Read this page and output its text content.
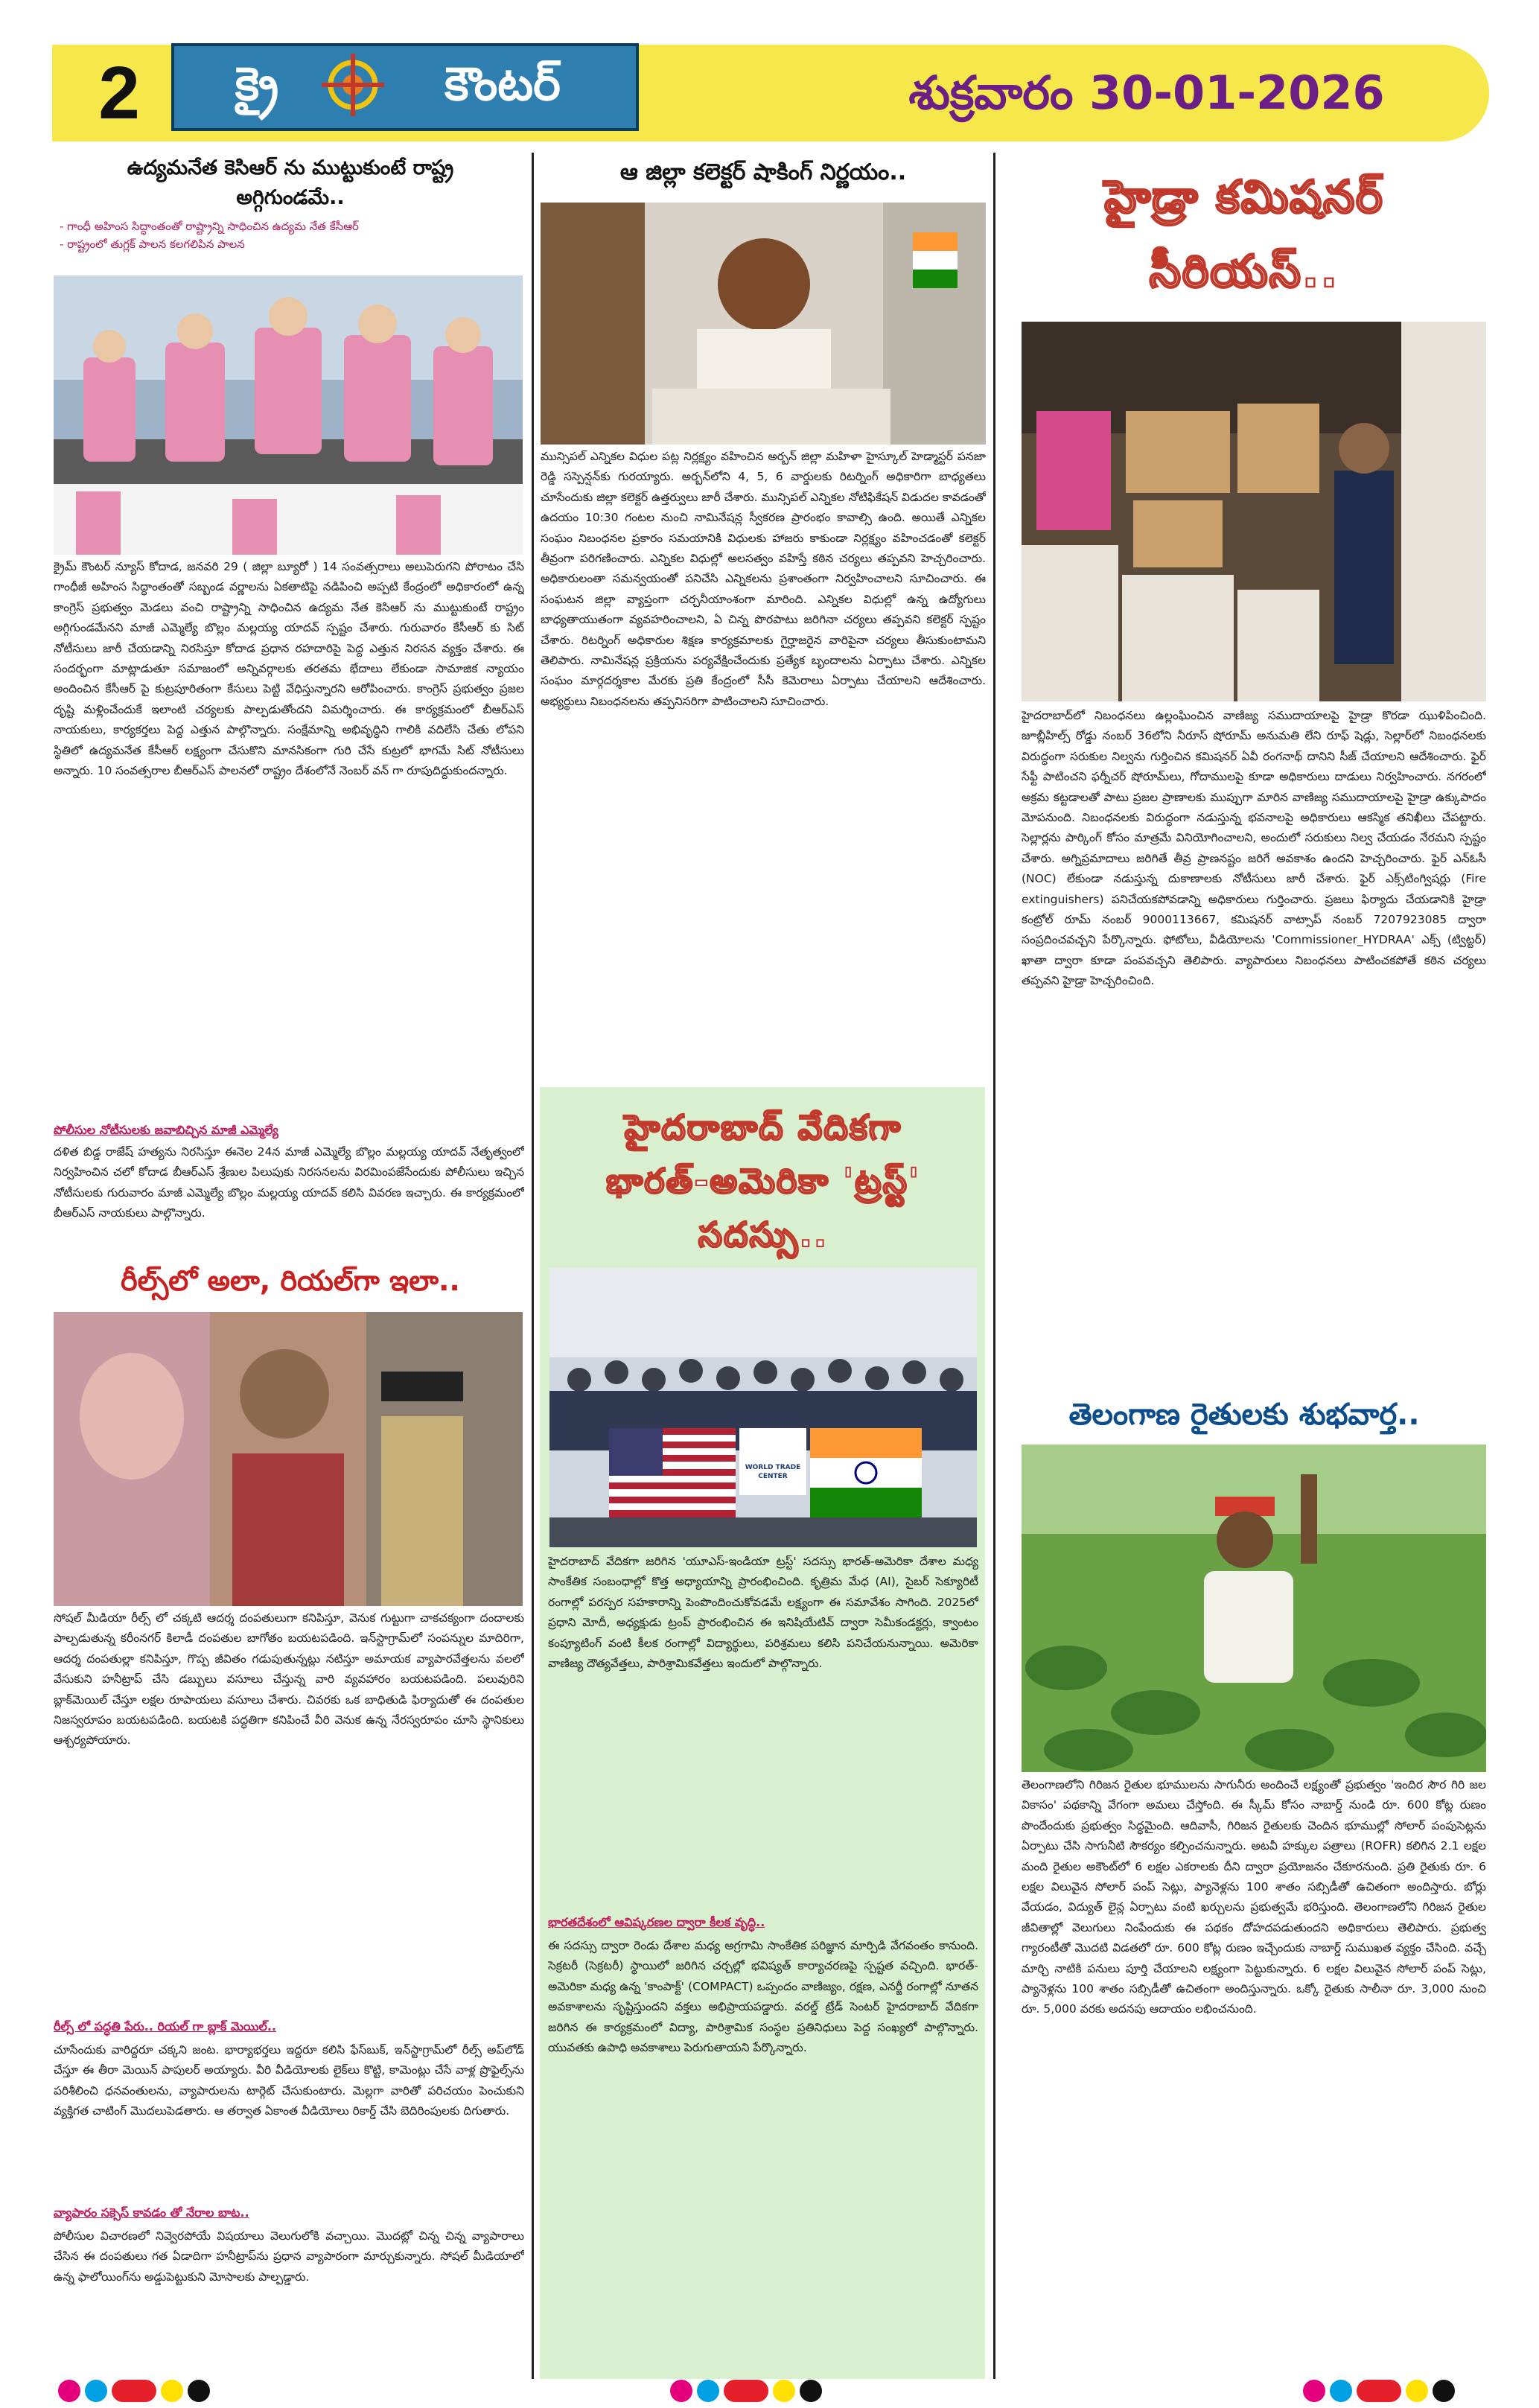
2	క్రై	కౌంటర్	శుక్రవారం 30-01-2026
ఉద్యమనేత కెసిఆర్ ను ముట్టుకుంటే రాష్ట్ర
అగ్గిగుండమే..
- గాంధీ అహింస సిద్ధాంతంతో రాష్ట్రాన్ని సాధించిన ఉద్యమ నేత కేసీఆర్
- రాష్ట్రంలో తుగ్లక్ పాలన కలగలిపిన పాలన
క్రైమ్ కౌంటర్ న్యూస్ కోదాడ, జనవరి 29 ( జిల్లా బ్యూరో ) 14 సంవత్సరాలు అలుపెరుగని పోరాటం చేసి గాంధీజీ అహింస సిద్ధాంతంతో సబ్బండ వర్ణాలను ఏకతాటిపై నడిపించి అప్పటి కేంద్రంలో అధికారంలో ఉన్న కాంగ్రెస్ ప్రభుత్వం మెడలు వంచి రాష్ట్రాన్ని సాధించిన ఉద్యమ నేత కెసిఆర్ ను ముట్టుకుంటే రాష్ట్రం అగ్గిగుండమేనని మాజీ ఎమ్మెల్యే బొల్లం మల్లయ్య యాదవ్ స్పష్టం చేశారు. గురువారం కేసీఆర్ కు సిట్ నోటీసులు జారీ చేయడాన్ని నిరసిస్తూ కోదాడ ప్రధాన రహదారిపై పెద్ద ఎత్తున నిరసన వ్యక్తం చేశారు. ఈ సందర్భంగా మాట్లాడుతూ సమాజంలో అన్నివర్గాలకు తరతమ భేదాలు లేకుండా సామాజిక న్యాయం అందించిన కేసీఆర్ పై కుట్రపూరితంగా కేసులు పెట్టి వేధిస్తున్నారని ఆరోపించారు. కాంగ్రెస్ ప్రభుత్వం ప్రజల దృష్టి మళ్లించేందుకే ఇలాంటి చర్యలకు పాల్పడుతోందని విమర్శించారు. ఈ కార్యక్రమంలో బీఆర్ఎస్ నాయకులు, కార్యకర్తలు పెద్ద ఎత్తున పాల్గొన్నారు. సంక్షేమాన్ని అభివృద్ధిని గాలికి వదిలేసి చేతు లోపని స్థితిలో ఉద్యమనేత కేసీఆర్ లక్ష్యంగా చేసుకొని మానసికంగా గురి చేసే కుట్రలో భాగమే సిట్ నోటీసులు అన్నారు. 10 సంవత్సరాల బీఆర్ఎస్ పాలనలో రాష్ట్రం దేశంలోనే నెంబర్ వన్ గా రూపుదిద్దుకుందన్నారు.
పోలీసుల నోటీసులకు జవాబిచ్చిన మాజీ ఎమ్మెల్యే
దళిత బిడ్డ రాజేష్ హత్యను నిరసిస్తూ ఈనెల 24న మాజీ ఎమ్మెల్యే బొల్లం మల్లయ్య యాదవ్ నేతృత్వంలో నిర్వహించిన చలో కోదాడ బీఆర్ఎస్ శ్రేణుల పిలుపుకు నిరసనలను విరమింపజేసేందుకు పోలీసులు ఇచ్చిన నోటీసులకు గురువారం మాజీ ఎమ్మెల్యే బొల్లం మల్లయ్య యాదవ్ కలిసి వివరణ ఇచ్చారు. ఈ కార్యక్రమంలో బీఆర్ఎస్ నాయకులు పాల్గొన్నారు.
రీల్స్‌లో అలా, రియల్‌గా ఇలా..
సోషల్ మీడియా రీల్స్ లో చక్కటి ఆదర్శ దంపతులుగా కనిపిస్తూ, వెనుక గుట్టుగా చాకచక్యంగా దందాలకు పాల్పడుతున్న కరీంనగర్ కిలాడీ దంపతుల బాగోతం బయటపడింది. ఇన్‌స్టాగ్రామ్‌లో సంపన్నుల మాదిరిగా, ఆదర్శ దంపతుల్లా కనిపిస్తూ, గొప్ప జీవితం గడుపుతున్నట్లు నటిస్తూ అమాయక వ్యాపారవేత్తలను వలలో వేసుకుని హనీట్రాప్ చేసి డబ్బులు వసూలు చేస్తున్న వారి వ్యవహారం బయటపడింది. పలువురిని బ్లాక్‌మెయిల్ చేస్తూ లక్షల రూపాయలు వసూలు చేశారు. చివరకు ఒక బాధితుడి ఫిర్యాదుతో ఈ దంపతుల నిజస్వరూపం బయటపడింది. బయటకి పద్ధతిగా కనిపించే వీరి వెనుక ఉన్న నేరస్వరూపం చూసి స్థానికులు ఆశ్చర్యపోయారు.
రీల్స్ లో పద్ధతి పేరు.. రియల్ గా బ్లాక్ మెయిల్..
చూసేందుకు వారిద్దరూ చక్కని జంట. భార్యాభర్తలు ఇద్దరూ కలిసి ఫేస్‌బుక్, ఇన్‌స్టాగ్రామ్‌లో రీల్స్ అప్‌లోడ్ చేస్తూ ఈ తీరా మెయిన్ పాపులర్ అయ్యారు. వీరి వీడియోలకు లైక్‌లు కొట్టి, కామెంట్లు చేసే వాళ్ల ప్రొఫైల్స్‌ను పరిశీలించి ధనవంతులను, వ్యాపారులను టార్గెట్ చేసుకుంటారు. మెల్లగా వారితో పరిచయం పెంచుకుని వ్యక్తిగత చాటింగ్ మొదలుపెడతారు. ఆ తర్వాత ఏకాంత వీడియోలు రికార్డ్ చేసి బెదిరింపులకు దిగుతారు.
వ్యాపారం సక్సెస్ కావడం తో నేరాల బాట..
పోలీసుల విచారణలో నివ్వెరపోయే విషయాలు వెలుగులోకి వచ్చాయి. మొదట్లో చిన్న చిన్న వ్యాపారాలు చేసిన ఈ దంపతులు గత ఏడాదిగా హనీట్రాప్‌ను ప్రధాన వ్యాపారంగా మార్చుకున్నారు. సోషల్ మీడియాలో ఉన్న ఫాలోయింగ్‌ను అడ్డుపెట్టుకుని మోసాలకు పాల్పడ్డారు.
ఆ జిల్లా కలెక్టర్ షాకింగ్ నిర్ణయం..
మున్సిపల్ ఎన్నికల విధుల పట్ల నిర్లక్ష్యం వహించిన అర్బన్ జిల్లా మహిళా హైస్కూల్ హెడ్మాస్టర్ పనజా రెడ్డి సస్పెన్షన్‌కు గురయ్యారు. అర్బన్‌లోని 4, 5, 6 వార్డులకు రిటర్నింగ్ అధికారిగా బాధ్యతలు చూసేందుకు జిల్లా కలెక్టర్ ఉత్తర్వులు జారీ చేశారు. మున్సిపల్ ఎన్నికల నోటిఫికేషన్ విడుదల కావడంతో ఉదయం 10:30 గంటల నుంచి నామినేషన్ల స్వీకరణ ప్రారంభం కావాల్సి ఉంది. అయితే ఎన్నికల సంఘం నిబంధనల ప్రకారం సమయానికి విధులకు హాజరు కాకుండా నిర్లక్ష్యం వహించడంతో కలెక్టర్ తీవ్రంగా పరిగణించారు. ఎన్నికల విధుల్లో అలసత్వం వహిస్తే కఠిన చర్యలు తప్పవని హెచ్చరించారు. అధికారులంతా సమన్వయంతో పనిచేసి ఎన్నికలను ప్రశాంతంగా నిర్వహించాలని సూచించారు. ఈ సంఘటన జిల్లా వ్యాప్తంగా చర్చనీయాంశంగా మారింది. ఎన్నికల విధుల్లో ఉన్న ఉద్యోగులు బాధ్యతాయుతంగా వ్యవహరించాలని, ఏ చిన్న పొరపాటు జరిగినా చర్యలు తప్పవని కలెక్టర్ స్పష్టం చేశారు. రిటర్నింగ్ అధికారుల శిక్షణ కార్యక్రమాలకు గైర్హాజరైన వారిపైనా చర్యలు తీసుకుంటామని తెలిపారు. నామినేషన్ల ప్రక్రియను పర్యవేక్షించేందుకు ప్రత్యేక బృందాలను ఏర్పాటు చేశారు. ఎన్నికల సంఘం మార్గదర్శకాల మేరకు ప్రతి కేంద్రంలో సీసీ కెమెరాలు ఏర్పాటు చేయాలని ఆదేశించారు. అభ్యర్థులు నిబంధనలను తప్పనిసరిగా పాటించాలని సూచించారు.
హైదరాబాద్ వేదికగా
భారత్-అమెరికా 'ట్రస్ట్'
సదస్సు..
WORLD TRADE CENTER
హైదరాబాద్ వేదికగా జరిగిన 'యూఎస్-ఇండియా ట్రస్ట్' సదస్సు భారత్-అమెరికా దేశాల మధ్య సాంకేతిక సంబంధాల్లో కొత్త అధ్యాయాన్ని ప్రారంభించింది. కృత్రిమ మేధ (AI), సైబర్ సెక్యూరిటీ రంగాల్లో పరస్పర సహకారాన్ని పెంపొందించుకోవడమే లక్ష్యంగా ఈ సమావేశం సాగింది. 2025లో ప్రధాని మోదీ, అధ్యక్షుడు ట్రంప్ ప్రారంభించిన ఈ ఇనిషియేటివ్ ద్వారా సెమీకండక్టర్లు, క్వాంటం కంప్యూటింగ్ వంటి కీలక రంగాల్లో విద్యార్థులు, పరిశ్రమలు కలిసి పనిచేయనున్నాయి. అమెరికా వాణిజ్య దౌత్యవేత్తలు, పారిశ్రామికవేత్తలు ఇందులో పాల్గొన్నారు.
భారతదేశంలో ఆవిష్కరణల ద్వారా కీలక వృద్ధి..
ఈ సదస్సు ద్వారా రెండు దేశాల మధ్య అగ్రగామి సాంకేతిక పరిజ్ఞాన మార్పిడి వేగవంతం కానుంది. సెక్రటరీ (సెక్రటరీ) స్థాయిలో జరిగిన చర్చల్లో భవిష్యత్ కార్యాచరణపై స్పష్టత వచ్చింది. భారత్-అమెరికా మధ్య ఉన్న 'కాంపాక్ట్' (COMPACT) ఒప్పందం వాణిజ్యం, రక్షణ, ఎనర్జీ రంగాల్లో నూతన అవకాశాలను సృష్టిస్తుందని వక్తలు అభిప్రాయపడ్డారు. వరల్డ్ ట్రేడ్ సెంటర్ హైదరాబాద్ వేదికగా జరిగిన ఈ కార్యక్రమంలో విద్యా, పారిశ్రామిక సంస్థల ప్రతినిధులు పెద్ద సంఖ్యలో పాల్గొన్నారు. యువతకు ఉపాధి అవకాశాలు పెరుగుతాయని పేర్కొన్నారు.
హైడ్రా కమిషనర్
సీరియస్..
హైదరాబాద్‌లో నిబంధనలు ఉల్లంఘించిన వాణిజ్య సముదాయాలపై హైడ్రా కొరడా ఝుళిపించింది. జూబ్లీహిల్స్ రోడ్డు నంబర్ 36లోని నీరూస్ షోరూమ్ అనుమతి లేని రూఫ్ షెడ్లు, సెల్లార్‌లో నిబంధనలకు విరుద్ధంగా సరుకుల నిల్వను గుర్తించిన కమిషనర్ ఏవీ రంగనాథ్ దానిని సీజ్ చేయాలని ఆదేశించారు. ఫైర్ సేఫ్టీ పాటించని ఫర్నీచర్ షోరూమ్‌లు, గోదాములపై కూడా అధికారులు దాడులు నిర్వహించారు. నగరంలో అక్రమ కట్టడాలతో పాటు ప్రజల ప్రాణాలకు ముప్పుగా మారిన వాణిజ్య సముదాయాలపై హైడ్రా ఉక్కుపాదం మోపనుంది. నిబంధనలకు విరుద్ధంగా నడుస్తున్న భవనాలపై అధికారులు ఆకస్మిక తనిఖీలు చేపట్టారు. సెల్లార్లను పార్కింగ్ కోసం మాత్రమే వినియోగించాలని, అందులో సరుకులు నిల్వ చేయడం నేరమని స్పష్టం చేశారు. అగ్నిప్రమాదాలు జరిగితే తీవ్ర ప్రాణనష్టం జరిగే అవకాశం ఉందని హెచ్చరించారు. ఫైర్ ఎన్‌ఓసీ (NOC) లేకుండా నడుస్తున్న దుకాణాలకు నోటీసులు జారీ చేశారు. ఫైర్ ఎక్స్‌టింగ్విషర్లు (Fire extinguishers) పనిచేయకపోవడాన్ని అధికారులు గుర్తించారు. ప్రజలు ఫిర్యాదు చేయడానికి హైడ్రా కంట్రోల్ రూమ్ నంబర్ 9000113667, కమిషనర్ వాట్సాప్ నంబర్ 7207923085 ద్వారా సంప్రదించవచ్చని పేర్కొన్నారు. ఫోటోలు, వీడియోలను 'Commissioner_HYDRAA' ఎక్స్ (ట్విట్టర్) ఖాతా ద్వారా కూడా పంపవచ్చని తెలిపారు. వ్యాపారులు నిబంధనలు పాటించకపోతే కఠిన చర్యలు తప్పవని హైడ్రా హెచ్చరించింది.
తెలంగాణ రైతులకు శుభవార్త..
తెలంగాణలోని గిరిజన రైతుల భూములను సాగునీరు అందించే లక్ష్యంతో ప్రభుత్వం 'ఇందిర సౌర గిరి జల వికాసం' పథకాన్ని వేగంగా అమలు చేస్తోంది. ఈ స్కీమ్ కోసం నాబార్డ్ నుండి రూ. 600 కోట్ల రుణం పొందేందుకు ప్రభుత్వం సిద్ధమైంది. ఆదివాసీ, గిరిజన రైతులకు చెందిన భూముల్లో సోలార్ పంపుసెట్లను ఏర్పాటు చేసి సాగునీటి సౌకర్యం కల్పించనున్నారు. అటవీ హక్కుల పత్రాలు (ROFR) కలిగిన 2.1 లక్షల మంది రైతుల అకౌంట్‌లో 6 లక్షల ఎకరాలకు దీని ద్వారా ప్రయోజనం చేకూరనుంది. ప్రతి రైతుకు రూ. 6 లక్షల విలువైన సోలార్ పంప్ సెట్లు, ప్యానెళ్లను 100 శాతం సబ్సిడీతో ఉచితంగా అందిస్తారు. బోర్లు వేయడం, విద్యుత్ లైన్ల ఏర్పాటు వంటి ఖర్చులను ప్రభుత్వమే భరిస్తుంది. తెలంగాణలోని గిరిజన రైతుల జీవితాల్లో వెలుగులు నింపేందుకు ఈ పథకం దోహదపడుతుందని అధికారులు తెలిపారు. ప్రభుత్వ గ్యారంటీతో మొదటి విడతలో రూ. 600 కోట్ల రుణం ఇచ్చేందుకు నాబార్డ్ సుముఖత వ్యక్తం చేసింది. వచ్చే మార్చి నాటికి పనులు పూర్తి చేయాలని లక్ష్యంగా పెట్టుకున్నారు. 6 లక్షల విలువైన సోలార్ పంప్ సెట్లు, ప్యానెళ్లను 100 శాతం సబ్సిడీతో ఉచితంగా అందిస్తున్నారు. ఒక్కో రైతుకు సాలీనా రూ. 3,000 నుంచి రూ. 5,000 వరకు అదనపు ఆదాయం లభించనుంది.
